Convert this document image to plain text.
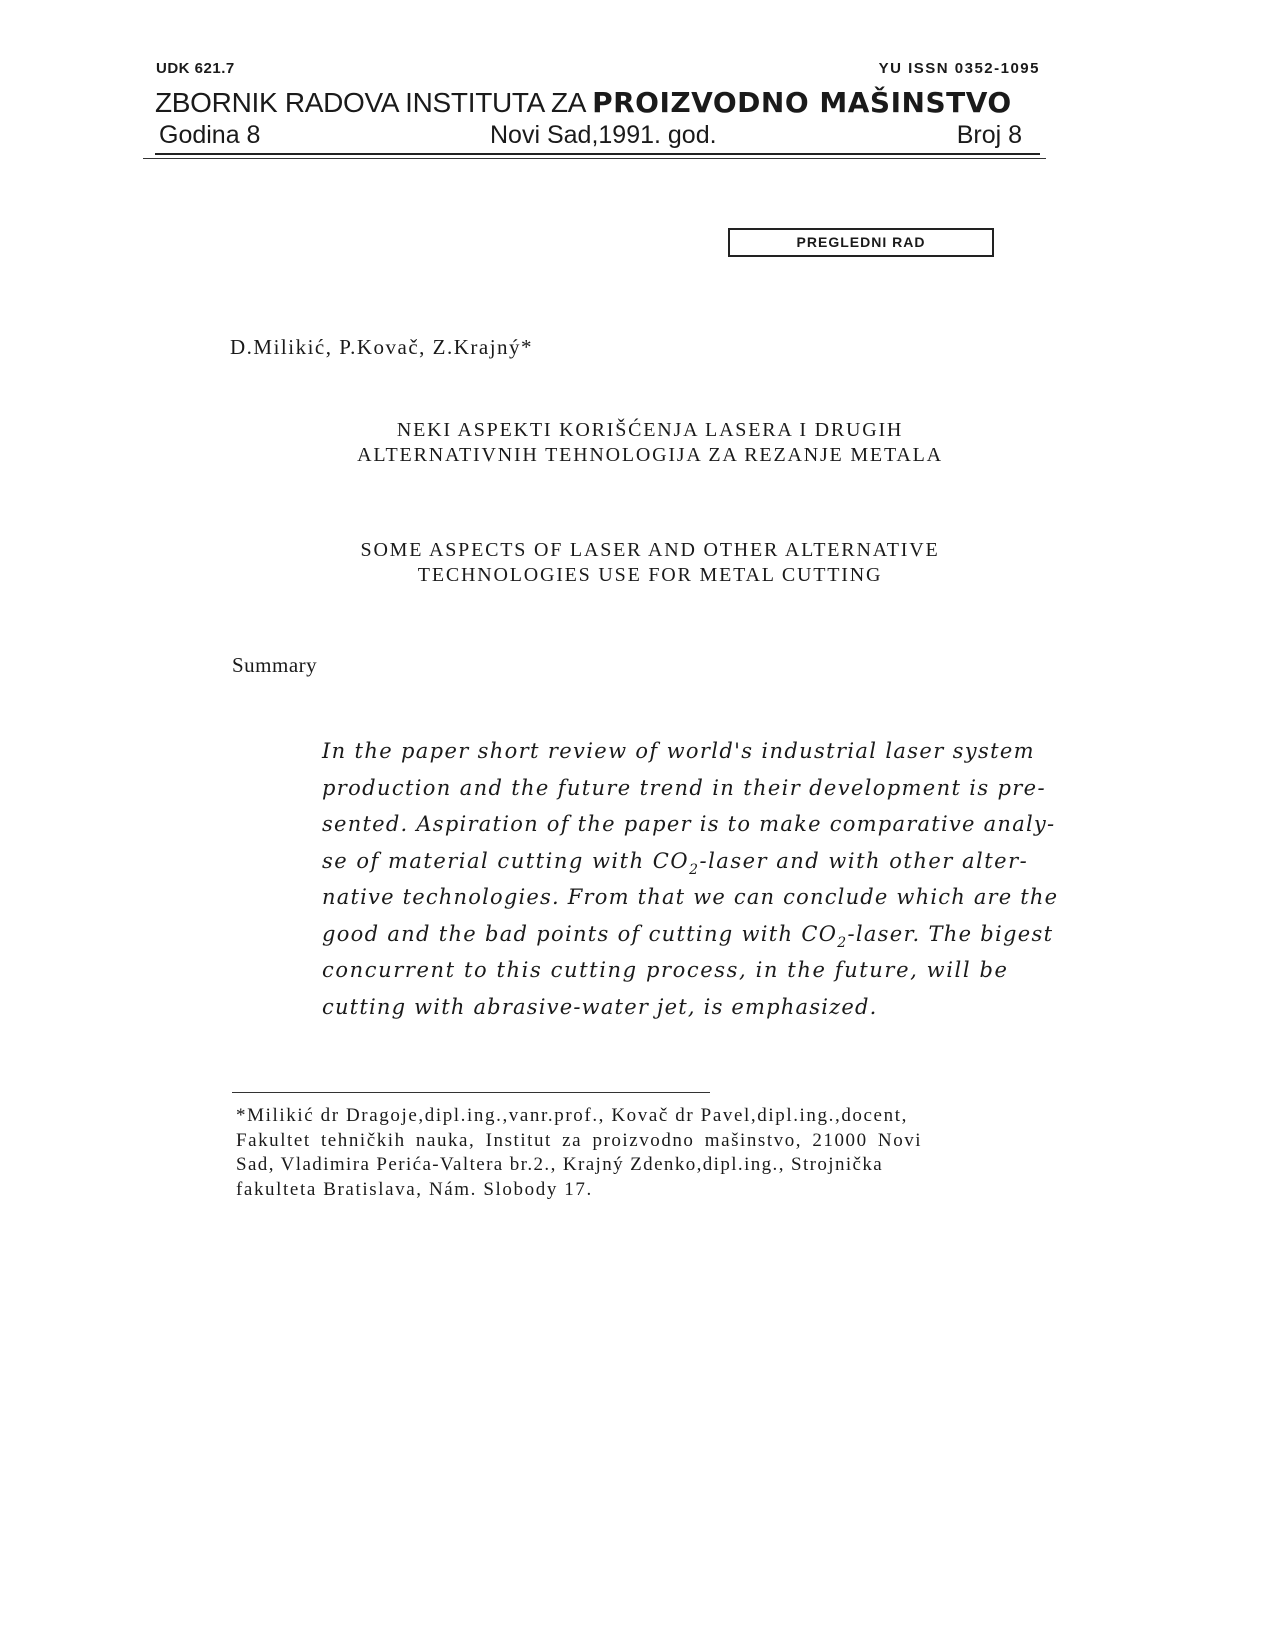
UDK 621.7	YU ISSN 0352-1095
ZBORNIK RADOVA INSTITUTA ZA PROIZVODNO MAŠINSTVO
Godina 8	Novi Sad,1991. god.	Broj 8
PREGLEDNI RAD
D.Milikić, P.Kovač, Z.Krajný*
NEKI ASPEKTI KORIŠĆENJA LASERA I DRUGIH
ALTERNATIVNIH TEHNOLOGIJA ZA REZANJE METALA
SOME ASPECTS OF LASER AND OTHER ALTERNATIVE
TECHNOLOGIES USE FOR METAL CUTTING
Summary
In the paper short review of world's industrial laser system
production and the future trend in their development is pre-
sented. Aspiration of the paper is to make comparative analy-
se of material cutting with $CO_2$-laser and with other alter-
native technologies. From that we can conclude which are the
good and the bad points of cutting with $CO_2$-laser. The bigest
concurrent to this cutting process, in the future, will be
cutting with abrasive-water jet, is emphasized.
*Milikić dr Dragoje,dipl.ing.,vanr.prof., Kovač dr Pavel,dipl.ing.,docent,
Fakultet tehničkih nauka, Institut za proizvodno mašinstvo, 21000 Novi
Sad, Vladimira Perića-Valtera br.2., Krajný Zdenko,dipl.ing., Strojnička
fakulteta Bratislava, Nám. Slobody 17.
